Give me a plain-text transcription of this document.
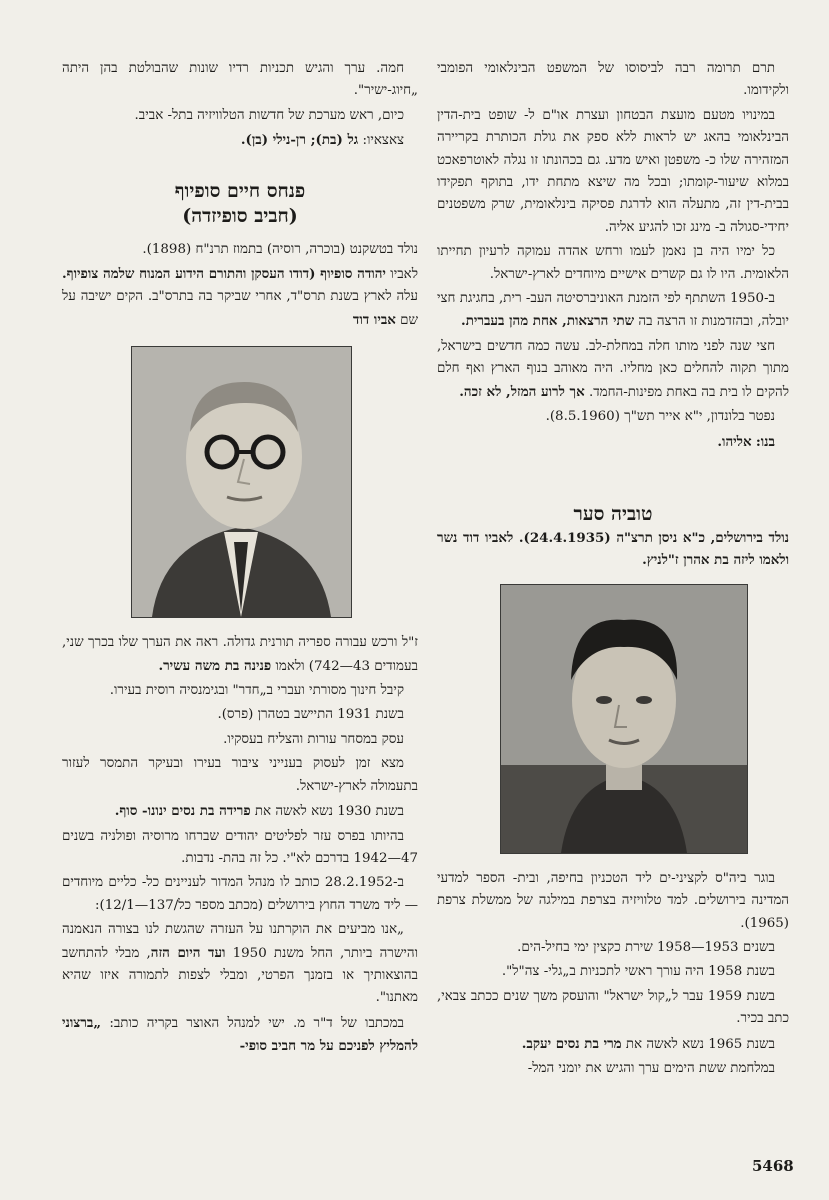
תרם תרומה רבה לביסוסו של המשפט הבינלאומי הפומבי ולקידומו.

במינויו מטעם מועצת הבטחון ועצרת או"ם ל- שופט בית-הדין הבינלאומי בהאג יש לראות ללא ספק את גולת הכותרת בקריירה המזהירה שלו כ- משפטן ואיש מדע. גם בכהונתו זו נגלה לאוטרפאכט במלוא שיעור-קומתו; ובכל מה שיצא מתחת ידו, בתוקף תפקידו בבית-דין זה, מתעלה הוא לדרגת פסיקה בינלאומית, שרק משפטנים יחידי-סגולה ב- מינג זכו להגיע אליה.

כל ימיו היה בן נאמן לעמו ורחש אהדה עמוקה לרעיון תחייתו הלאומית. היו לו גם קשרים אישיים מיוחדים לארץ-ישראל.

ב-1950 השתתף לפי הזמנת האוניברסיטה העב- רית, בחגיגת חצי יובלה, ובהזדמנות זו הרצה בה שתי הרצאות, אחת מהן בעברית.

חצי שנה לפני מותו חלה במחלת-לב. עשה כמה חדשים בישראל, מתוך תקוה להחלים כאן מחליו. היה מאוהב בנוף הארץ ואף חלם להקים לו בית בה באחת מפינות-החמד. אך לרוע המזל, לא זכה.

נפטר בלונדון, י"א אייר תש"ך (8.5.1960).

בנו: אליהו.

טוביה סער

נולד בירושלים, כ"א ניסן תרצ"ה (24.4.1935). לאביו דוד נשר ולאמו ליזה בת אהרן ז"לניץ.

בוגר ביה"ס לקציני-ים ליד הטכניון בחיפה, ובית- הספר למדעי המדינה בירושלים. למד טלוויזיה בצרפת במילגה של ממשלת צרפת (1965).

בשנים 1953—1958 שירת כקצין ימי בחיל-הים.

בשנת 1958 היה עורך ראשי לתכניות ב„גלי- צה"ל".

בשנת 1959 עבר ל„קול ישראל" והועסק משך שנים ככתב צבאי, כתב בכיר.

בשנת 1965 נשא לאשה את מרי בת נסים יעקב.

במלחמת ששת הימים ערך והגיש את יומני המל-

חמה. ערך והגיש תכניות רדיו שונות שהבולטת בהן היתה „חיוג-ישיר".

כיום, ראש מערכת של חדשות הטלוויזיה בתל- אביב.

צאצאיו: גל (בת); רן-נילי (בן).

פנחס חיים סופיוף
(חביב סופיזדה)

נולד בטשקנט (בוכרה, רוסיה) בתמוז תרנ"ח (1898).

לאביו יהודה סופיוף (דודו העסקן והתורם הידוע המנוח שלמה צופיוף. עלה לארץ בשנת תרס"ד, אחרי שביקר בה בתרס"ב. הקים ישיבה על שם אביו דוד

ז"ל ורכש עבורה ספריה תורנית גדולה. ראה את הערך שלו בכרך שני, בעמודים 43—742) ולאמו פנינה בת משה עשיר.

קיבל חינוך מסורתי ועברי ב„חדר" ובגימנסיה רוסית בעירו.

בשנת 1931 התיישב בטהרן (פרס).

עסק במסחר עורות והצליח בעסקיו.

מצא זמן לעסוק בענייני ציבור בעירו ובעיקר התמסר לעזור בתעמולה לארץ-ישראל.

בשנת 1930 נשא לאשה את פרידה בת נסים ינונו- סוף.

בהיותו בפרס עזר לפליטים יהודים שברחו מרוסיה ופולניה בשנים 47—1942 בדרכם לא"י. כל זה בהת- נדבות.

ב-28.2.1952 כותב לו מנהל המדור לעניינים כל- כליים מיוחדים — ליד משרד החוץ בירושלים (מכתב מספר כל/137—12/1):

„אנו מביעים את הוקרתנו על העזרה שהגשת לנו בצורה הנאמנה והישרה ביותר, החל משנת 1950 ועד היום הזה, מבלי להתחשב בהוצאותיך או בזמנך הפרטי, ומבלי לצפות לתמורה איזו שהיא מאתנו".

במכתבו של ד"ר מ. ישי למנהל האוצר בקריה כותב: „ברצוני להמליץ לפניכם על מר חביב סופי-

5468
